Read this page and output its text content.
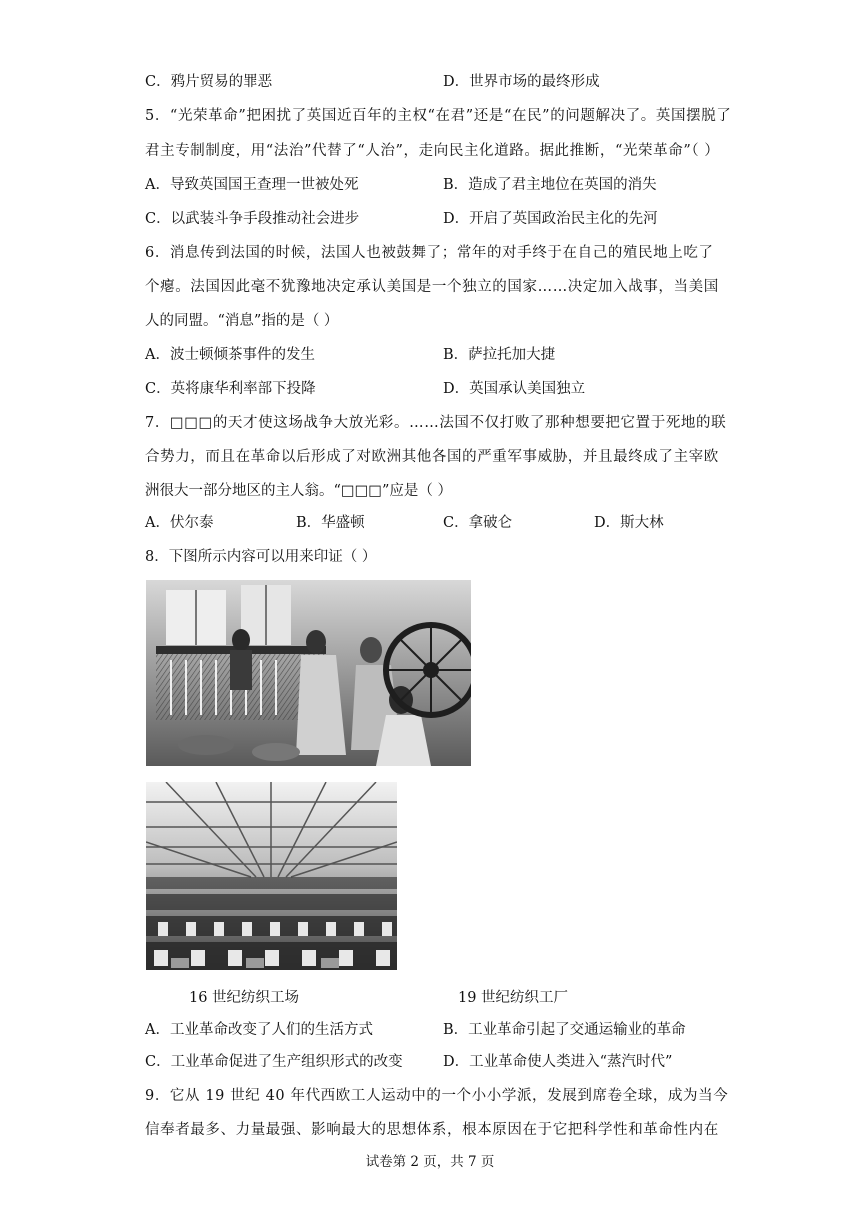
C．鸦片贸易的罪恶	D．世界市场的最终形成
5．“光荣革命”把困扰了英国近百年的主权“在君”还是“在民”的问题解决了。英国摆脱了
君主专制制度，用“法治”代替了“人治”，走向民主化道路。据此推断，“光荣革命”（ ）
A．导致英国国王查理一世被处死	B．造成了君主地位在英国的消失
C．以武装斗争手段推动社会进步	D．开启了英国政治民主化的先河
6．消息传到法国的时候，法国人也被鼓舞了；常年的对手终于在自己的殖民地上吃了
个瘪。法国因此毫不犹豫地决定承认美国是一个独立的国家……决定加入战事，当美国
人的同盟。“消息”指的是（ ）
A．波士顿倾茶事件的发生	B．萨拉托加大捷
C．英将康华利率部下投降	D．英国承认美国独立
7．□□□的天才使这场战争大放光彩。……法国不仅打败了那种想要把它置于死地的联
合势力，而且在革命以后形成了对欧洲其他各国的严重军事威胁，并且最终成了主宰欧
洲很大一部分地区的主人翁。“□□□”应是（ ）
A．伏尔泰	B．华盛顿	C．拿破仑	D．斯大林
8．下图所示内容可以用来印证（ ）
16 世纪纺织工场	19 世纪纺织工厂
A．工业革命改变了人们的生活方式	B．工业革命引起了交通运输业的革命
C．工业革命促进了生产组织形式的改变	D．工业革命使人类进入“蒸汽时代”
9．它从 19 世纪 40 年代西欧工人运动中的一个小小学派，发展到席卷全球，成为当今
信奉者最多、力量最强、影响最大的思想体系，根本原因在于它把科学性和革命性内在
试卷第 2 页，共 7 页
